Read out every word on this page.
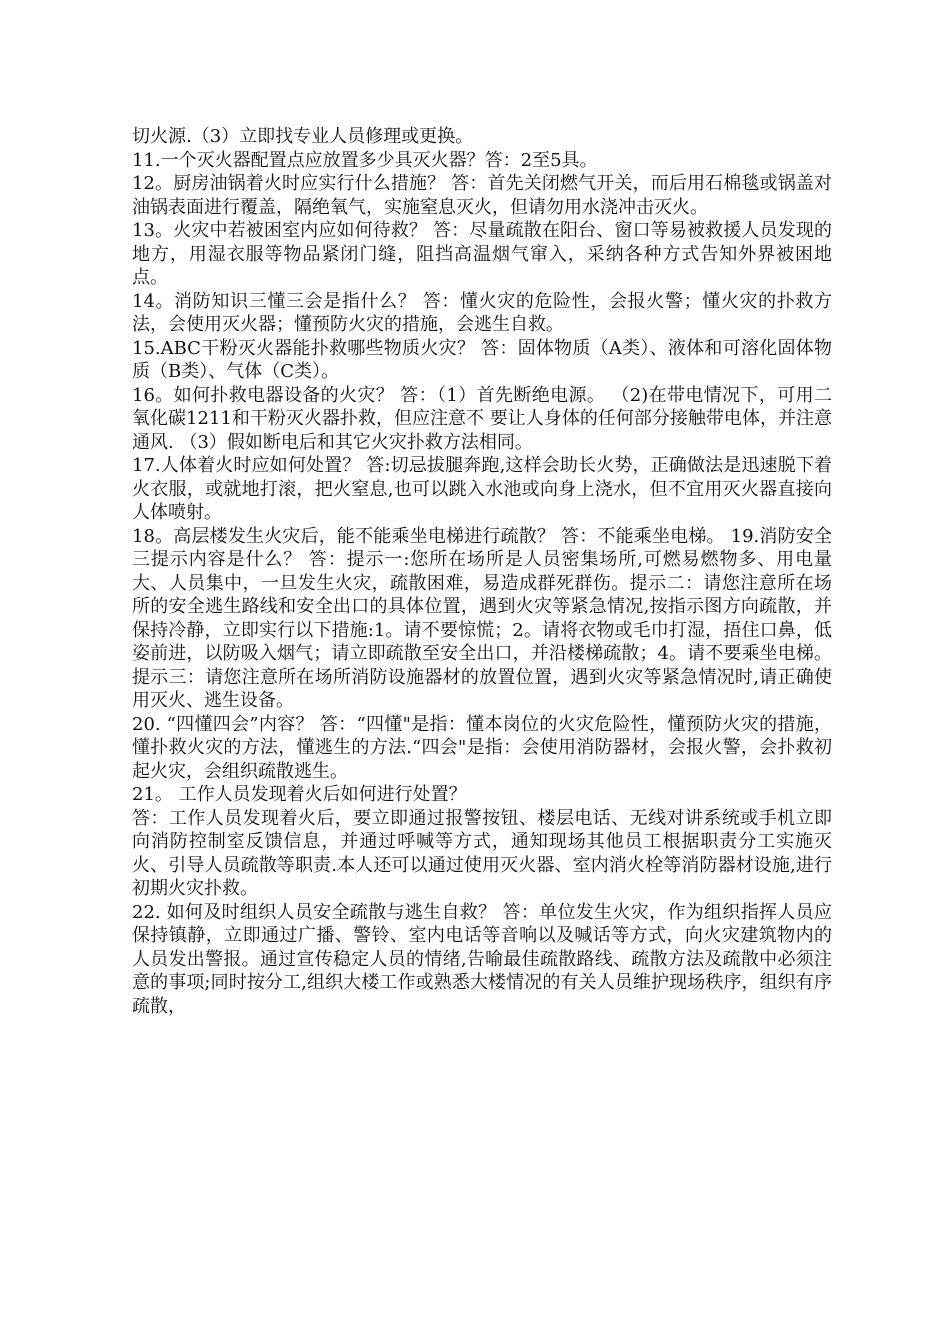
切火源.（3）立即找专业人员修理或更换。

11.一个灭火器配置点应放置多少具灭火器？答：2至5具。

12。厨房油锅着火时应实行什么措施？ 答：首先关闭燃气开关，而后用石棉毯或锅盖对油锅表面进行覆盖，隔绝氧气，实施窒息灭火，但请勿用水浇冲击灭火。

13。火灾中若被困室内应如何待救？ 答：尽量疏散在阳台、窗口等易被救援人员发现的地方，用湿衣服等物品紧闭门缝，阻挡高温烟气窜入，采纳各种方式告知外界被困地点。

14。消防知识三懂三会是指什么？ 答：懂火灾的危险性，会报火警；懂火灾的扑救方法，会使用灭火器；懂预防火灾的措施，会逃生自救。

15.ABC干粉灭火器能扑救哪些物质火灾？ 答：固体物质（A类）、液体和可溶化固体物质（B类）、气体（C类）。

16。如何扑救电器设备的火灾？ 答：（1）首先断绝电源。 （2)在带电情况下，可用二氧化碳1211和干粉灭火器扑救，但应注意不 要让人身体的任何部分接触带电体，并注意通风. （3）假如断电后和其它火灾扑救方法相同。

17.人体着火时应如何处置？ 答:切忌拔腿奔跑,这样会助长火势，正确做法是迅速脱下着火衣服，或就地打滚，把火窒息,也可以跳入水池或向身上浇水，但不宜用灭火器直接向人体喷射。

18。高层楼发生火灾后，能不能乘坐电梯进行疏散？ 答：不能乘坐电梯。 19.消防安全三提示内容是什么？ 答：提示一:您所在场所是人员密集场所,可燃易燃物多、用电量大、人员集中，一旦发生火灾，疏散困难，易造成群死群伤。提示二：请您注意所在场所的安全逃生路线和安全出口的具体位置，遇到火灾等紧急情况,按指示图方向疏散，并保持冷静，立即实行以下措施:1。请不要惊慌；2。请将衣物或毛巾打湿，捂住口鼻，低姿前进，以防吸入烟气；请立即疏散至安全出口，并沿楼梯疏散；4。请不要乘坐电梯。提示三：请您注意所在场所消防设施器材的放置位置，遇到火灾等紧急情况时,请正确使用灭火、逃生设备。

20. “四懂四会”内容？ 答：“四懂"是指：懂本岗位的火灾危险性，懂预防火灾的措施，懂扑救火灾的方法，懂逃生的方法.“四会"是指：会使用消防器材，会报火警，会扑救初起火灾，会组织疏散逃生。

21。 工作人员发现着火后如何进行处置？

答：工作人员发现着火后，要立即通过报警按钮、楼层电话、无线对讲系统或手机立即向消防控制室反馈信息，并通过呼喊等方式，通知现场其他员工根据职责分工实施灭火、引导人员疏散等职责.本人还可以通过使用灭火器、室内消火栓等消防器材设施,进行初期火灾扑救。

22. 如何及时组织人员安全疏散与逃生自救？ 答：单位发生火灾，作为组织指挥人员应保持镇静，立即通过广播、警铃、室内电话等音响以及喊话等方式，向火灾建筑物内的人员发出警报。通过宣传稳定人员的情绪,告喻最佳疏散路线、疏散方法及疏散中必须注意的事项;同时按分工,组织大楼工作或熟悉大楼情况的有关人员维护现场秩序，组织有序疏散，
